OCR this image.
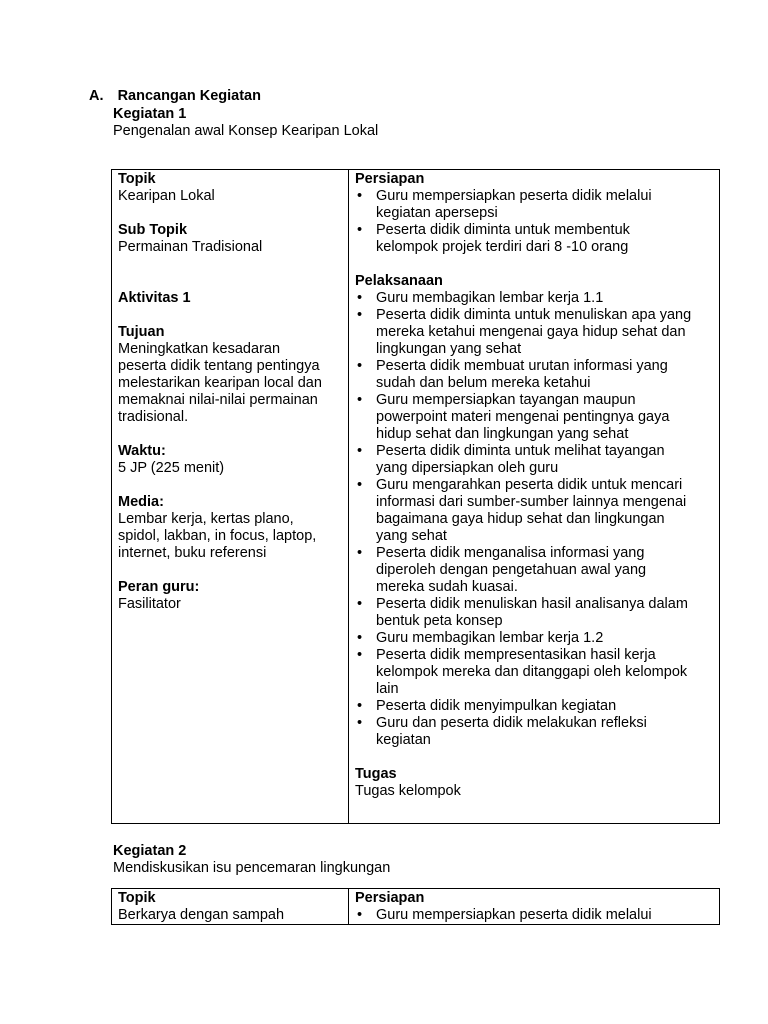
A. Rancangan Kegiatan
Kegiatan 1
Pengenalan awal Konsep Kearipan Lokal
Topik
Kearipan Lokal
Sub Topik
Permainan Tradisional
Aktivitas 1
Tujuan
Meningkatkan kesadaran
peserta didik tentang pentingya
melestarikan kearipan local dan
memaknai nilai-nilai permainan
tradisional.
Waktu:
5 JP (225 menit)
Media:
Lembar kerja, kertas plano,
spidol, lakban, in focus, laptop,
internet, buku referensi
Peran guru:
Fasilitator

Persiapan
• Guru mempersiapkan peserta didik melalui
kegiatan apersepsi
• Peserta didik diminta untuk membentuk
kelompok projek terdiri dari 8 -10 orang
Pelaksanaan
• Guru membagikan lembar kerja 1.1
• Peserta didik diminta untuk menuliskan apa yang
mereka ketahui mengenai gaya hidup sehat dan
lingkungan yang sehat
• Peserta didik membuat urutan informasi yang
sudah dan belum mereka ketahui
• Guru mempersiapkan tayangan maupun
powerpoint materi mengenai pentingnya gaya
hidup sehat dan lingkungan yang sehat
• Peserta didik diminta untuk melihat tayangan
yang dipersiapkan oleh guru
• Guru mengarahkan peserta didik untuk mencari
informasi dari sumber-sumber lainnya mengenai
bagaimana gaya hidup sehat dan lingkungan
yang sehat
• Peserta didik menganalisa informasi yang
diperoleh dengan pengetahuan awal yang
mereka sudah kuasai.
• Peserta didik menuliskan hasil analisanya dalam
bentuk peta konsep
• Guru membagikan lembar kerja 1.2
• Peserta didik mempresentasikan hasil kerja
kelompok mereka dan ditanggapi oleh kelompok
lain
• Peserta didik menyimpulkan kegiatan
• Guru dan peserta didik melakukan refleksi
kegiatan
Tugas
Tugas kelompok
Kegiatan 2
Mendiskusikan isu pencemaran lingkungan
Topik
Berkarya dengan sampah

Persiapan
• Guru mempersiapkan peserta didik melalui
